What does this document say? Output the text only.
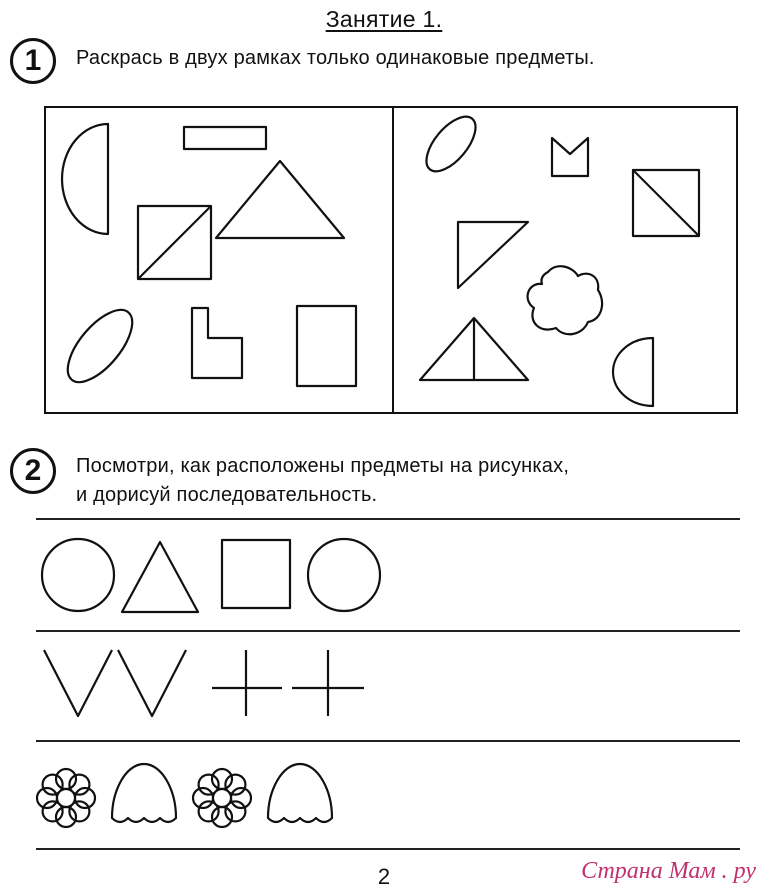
Занятие 1.
1	Раскрась в двух рамках только одинаковые предметы.
2	Посмотри, как расположены предметы на рисунках,
и дорисуй последовательность.
2	Страна Мам . ру
